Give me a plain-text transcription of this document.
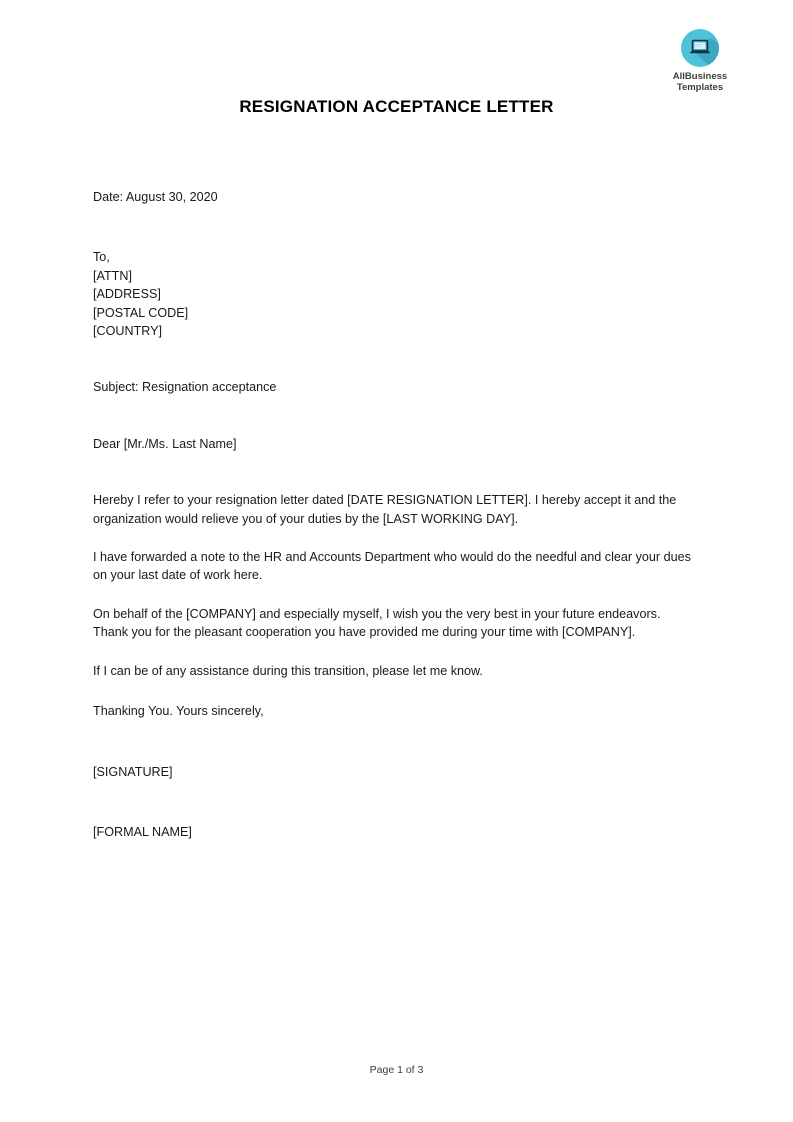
AllBusiness
Templates
RESIGNATION ACCEPTANCE LETTER
Date: August 30, 2020
To,
[ATTN]
[ADDRESS]
[POSTAL CODE]
[COUNTRY]
Subject: Resignation acceptance
Dear [Mr./Ms. Last Name]

Hereby I refer to your resignation letter dated [DATE RESIGNATION LETTER]. I hereby accept it and the organization would relieve you of your duties by the [LAST WORKING DAY].

I have forwarded a note to the HR and Accounts Department who would do the needful and clear your dues on your last date of work here.

On behalf of the [COMPANY] and especially myself, I wish you the very best in your future endeavors. Thank you for the pleasant cooperation you have provided me during your time with [COMPANY].

If I can be of any assistance during this transition, please let me know.

Thanking You. Yours sincerely,
[SIGNATURE]
[FORMAL NAME]
Page 1 of 3
